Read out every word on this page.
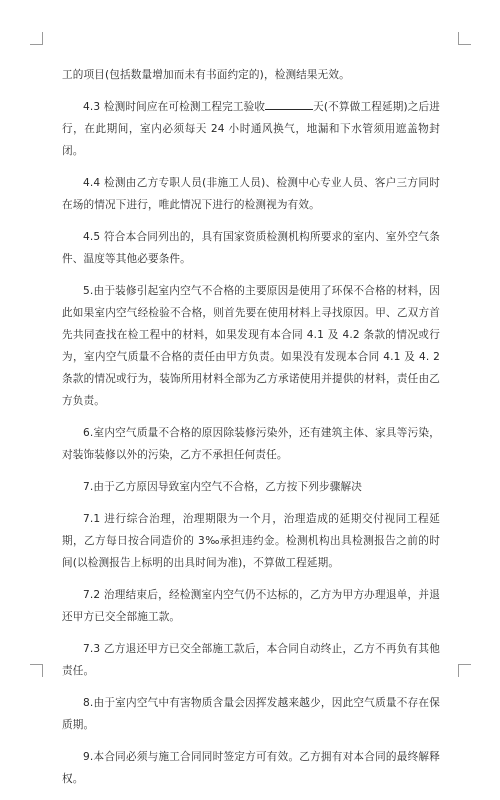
工的项目(包括数量增加而未有书面约定的)，检测结果无效。

4.3 检测时间应在可检测工程完工验收	天(不算做工程延期)之后进行，在此期间，室内必须每天 24 小时通风换气，地漏和下水管须用遮盖物封闭。

4.4 检测由乙方专职人员(非施工人员)、检测中心专业人员、客户三方同时在场的情况下进行，唯此情况下进行的检测视为有效。

4.5 符合本合同列出的，具有国家资质检测机构所要求的室内、室外空气条件、温度等其他必要条件。

5.由于装修引起室内空气不合格的主要原因是使用了环保不合格的材料，因此如果室内空气经检验不合格，则首先要在使用材料上寻找原因。甲、乙双方首先共同查找在检工程中的材料，如果发现有本合同 4.1 及 4.2 条款的情况或行为，室内空气质量不合格的责任由甲方负责。如果没有发现本合同 4.1 及 4. 2 条款的情况或行为，装饰所用材料全部为乙方承诺使用并提供的材料，责任由乙方负责。

6.室内空气质量不合格的原因除装修污染外，还有建筑主体、家具等污染，对装饰装修以外的污染，乙方不承担任何责任。

7.由于乙方原因导致室内空气不合格，乙方按下列步骤解决

7.1 进行综合治理，治理期限为一个月，治理造成的延期交付视同工程延期，乙方每日按合同造价的 3‰承担违约金。检测机构出具检测报告之前的时间(以检测报告上标明的出具时间为准)，不算做工程延期。

7.2 治理结束后，经检测室内空气仍不达标的，乙方为甲方办理退单，并退还甲方已交全部施工款。

7.3 乙方退还甲方已交全部施工款后，本合同自动终止，乙方不再负有其他责任。

8.由于室内空气中有害物质含量会因挥发越来越少，因此空气质量不存在保质期。

9.本合同必须与施工合同同时签定方可有效。乙方拥有对本合同的最终解释权。
